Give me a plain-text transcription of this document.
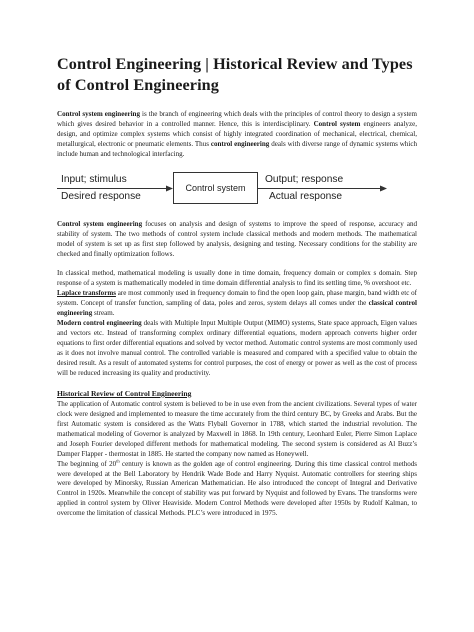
Control Engineering | Historical Review and Types of Control Engineering

Control system engineering is the branch of engineering which deals with the principles of control theory to design a system which gives desired behavior in a controlled manner. Hence, this is interdisciplinary. Control system engineers analyze, design, and optimize complex systems which consist of highly integrated coordination of mechanical, electrical, chemical, metallurgical, electronic or pneumatic elements. Thus control engineering deals with diverse range of dynamic systems which include human and technological interfacing.

Input; stimulus
Desired response
Control system
Output; response
Actual response

Control system engineering focuses on analysis and design of systems to improve the speed of response, accuracy and stability of system. The two methods of control system include classical methods and modern methods. The mathematical model of system is set up as first step followed by analysis, designing and testing. Necessary conditions for the stability are checked and finally optimization follows.

In classical method, mathematical modeling is usually done in time domain, frequency domain or complex s domain. Step response of a system is mathematically modeled in time domain differential analysis to find its settling time, % overshoot etc.

Laplace transforms are most commonly used in frequency domain to find the open loop gain, phase margin, band width etc of system. Concept of transfer function, sampling of data, poles and zeros, system delays all comes under the classical control engineering stream.

Modern control engineering deals with Multiple Input Multiple Output (MIMO) systems, State space approach, Eigen values and vectors etc. Instead of transforming complex ordinary differential equations, modern approach converts higher order equations to first order differential equations and solved by vector method. Automatic control systems are most commonly used as it does not involve manual control. The controlled variable is measured and compared with a specified value to obtain the desired result. As a result of automated systems for control purposes, the cost of energy or power as well as the cost of process will be reduced increasing its quality and productivity.

Historical Review of Control Engineering

The application of Automatic control system is believed to be in use even from the ancient civilizations. Several types of water clock were designed and implemented to measure the time accurately from the third century BC, by Greeks and Arabs. But the first Automatic system is considered as the Watts Flyball Governor in 1788, which started the industrial revolution. The mathematical modeling of Governor is analyzed by Maxwell in 1868. In 19th century, Leonhard Euler, Pierre Simon Laplace and Joseph Fourier developed different methods for mathematical modeling. The second system is considered as Al Buzz’s Damper Flapper - thermostat in 1885. He started the company now named as Honeywell.

The beginning of 20th century is known as the golden age of control engineering. During this time classical control methods were developed at the Bell Laboratory by Hendrik Wade Bode and Harry Nyquist. Automatic controllers for steering ships were developed by Minorsky, Russian American Mathematician. He also introduced the concept of Integral and Derivative Control in 1920s. Meanwhile the concept of stability was put forward by Nyquist and followed by Evans. The transforms were applied in control system by Oliver Heaviside. Modern Control Methods were developed after 1950s by Rudolf Kalman, to overcome the limitation of classical Methods. PLC’s were introduced in 1975.
